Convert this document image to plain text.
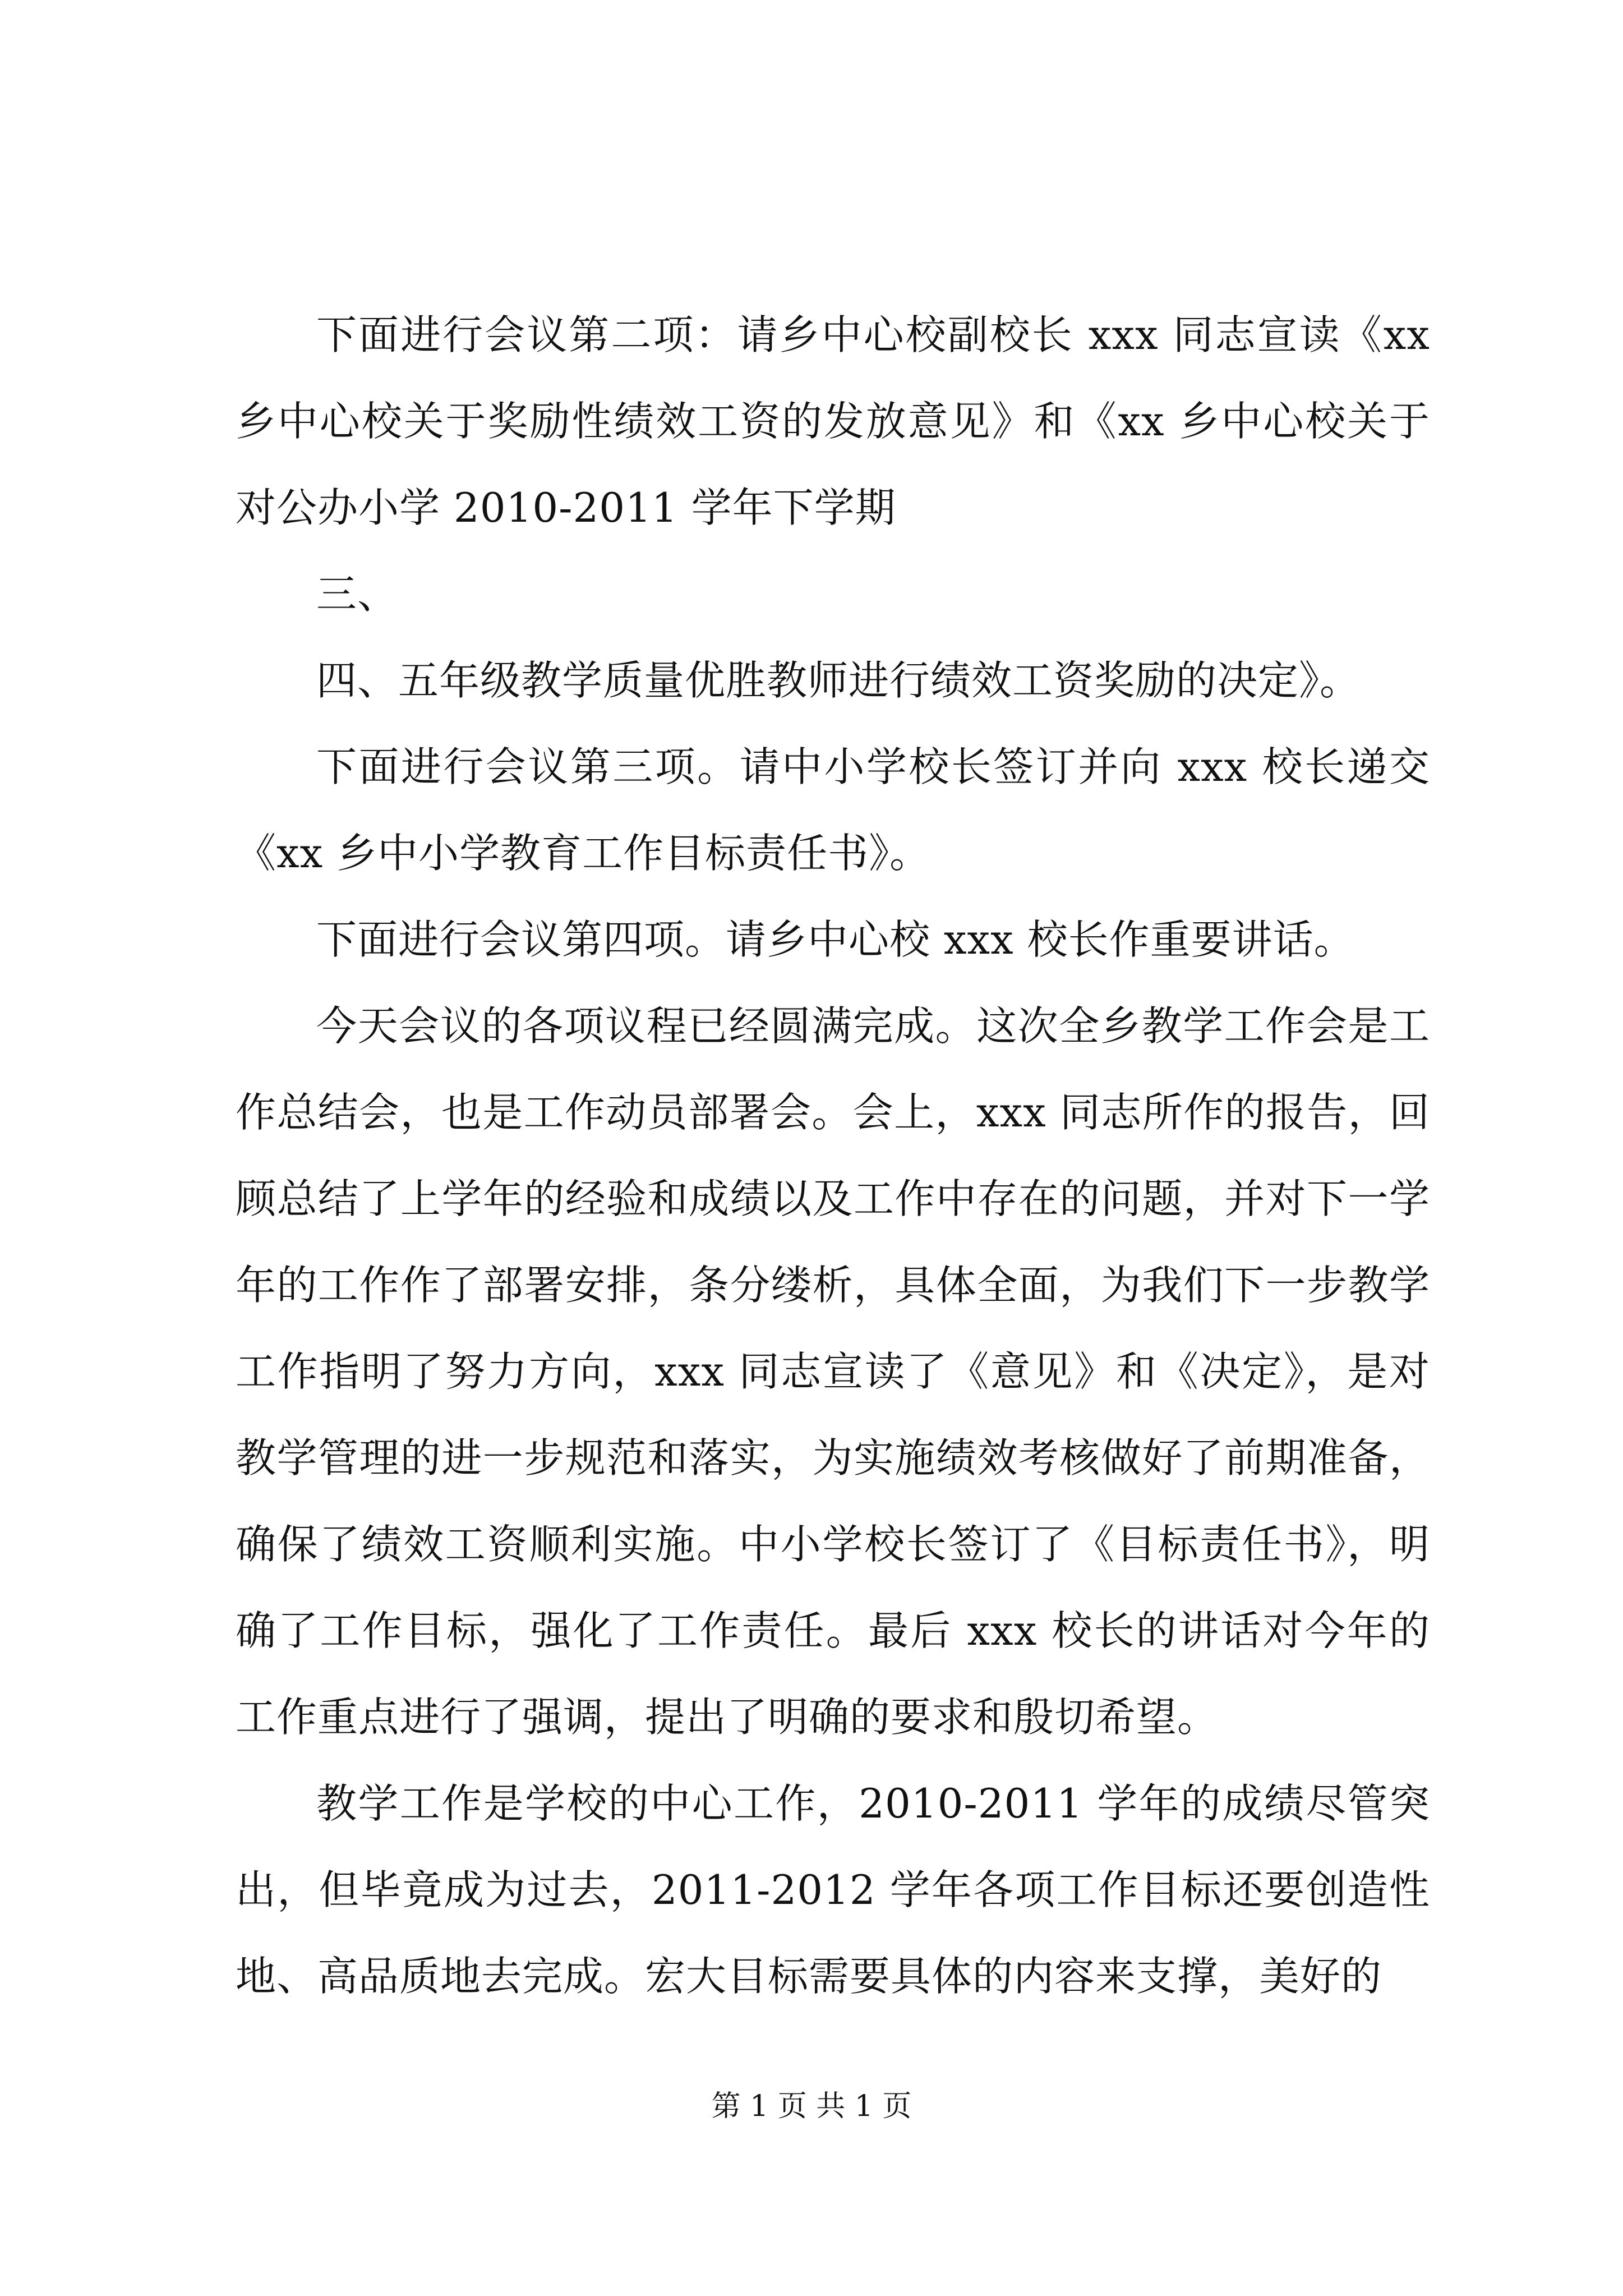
下面进行会议第二项：请乡中心校副校长 xxx 同志宣读《xx 乡中心校关于奖励性绩效工资的发放意见》和《xx 乡中心校关于对公办小学 2010-2011 学年下学期

三、

四、五年级教学质量优胜教师进行绩效工资奖励的决定》。

下面进行会议第三项。请中小学校长签订并向 xxx 校长递交《xx 乡中小学教育工作目标责任书》。

下面进行会议第四项。请乡中心校 xxx 校长作重要讲话。

今天会议的各项议程已经圆满完成。这次全乡教学工作会是工作总结会，也是工作动员部署会。会上，xxx 同志所作的报告，回顾总结了上学年的经验和成绩以及工作中存在的问题，并对下一学年的工作作了部署安排，条分缕析，具体全面，为我们下一步教学工作指明了努力方向，xxx 同志宣读了《意见》和《决定》，是对教学管理的进一步规范和落实，为实施绩效考核做好了前期准备，确保了绩效工资顺利实施。中小学校长签订了《目标责任书》，明确了工作目标，强化了工作责任。最后 xxx 校长的讲话对今年的工作重点进行了强调，提出了明确的要求和殷切希望。

教学工作是学校的中心工作，2010-2011 学年的成绩尽管突出，但毕竟成为过去，2011-2012 学年各项工作目标还要创造性地、高品质地去完成。宏大目标需要具体的内容来支撑，美好的

第 1 页 共 1 页
